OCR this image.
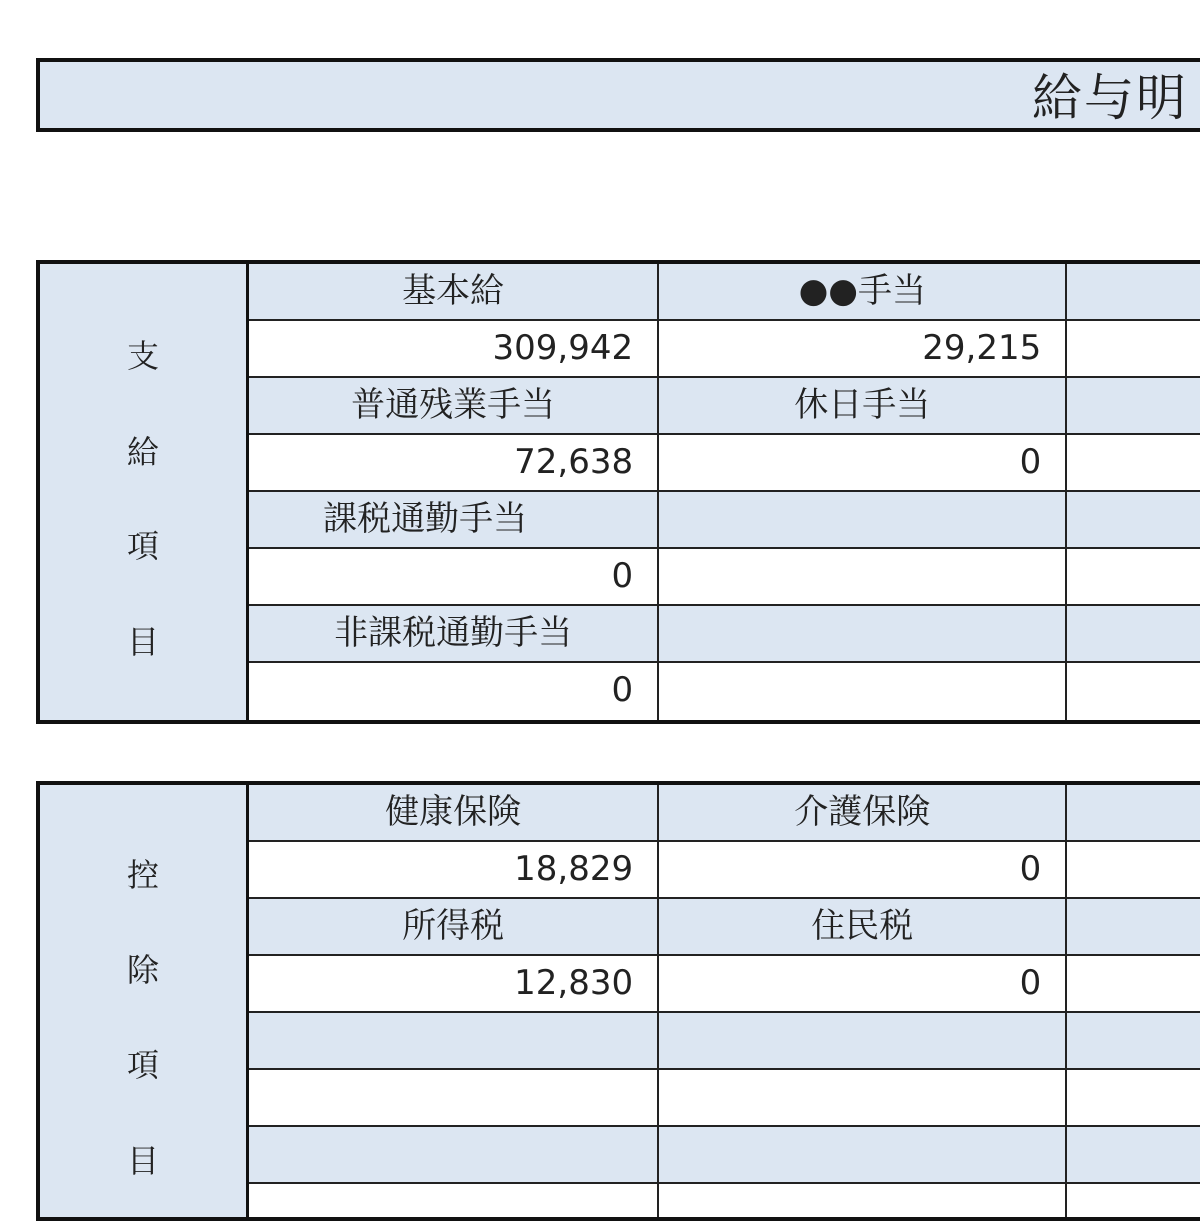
給与明
支
給
項
目
基本給	●●手当
309,942	29,215
普通残業手当	休日手当
72,638	0
課税通勤手当
0
非課税通勤手当
0
控
除
項
目
健康保険	介護保険
18,829	0
所得税	住民税
12,830	0
